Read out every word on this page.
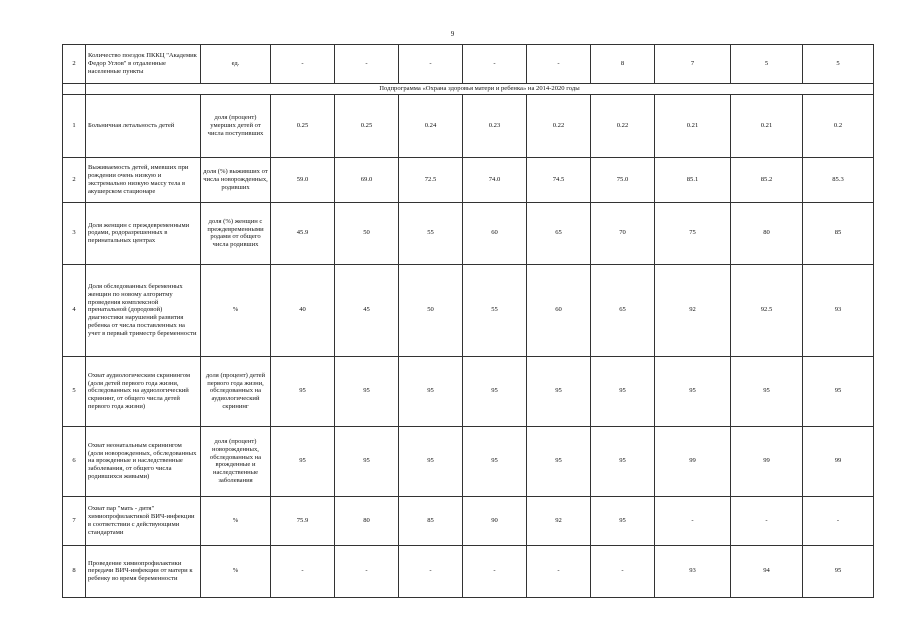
9
2	Количество поездок ПККЦ "Академик Федор Углов" в отдаленные населенные пункты	ед.	-	-	-	-	-	8	7	5	5
	Подпрограмма «Охрана здоровья матери и ребенка» на 2014-2020 годы										
1	Больничная летальность детей	доля (процент) умерших детей от числа поступивших	0.25	0.25	0.24	0.23	0.22	0.22	0.21	0.21	0.2
2	Выживаемость детей, имевших при рождении очень низкую и экстремально низкую массу тела в акушерском стационаре	доля (%) выживших от числа новорожденных, родивших	59.0	69.0	72.5	74.0	74.5	75.0	85.1	85.2	85.3
3	Доля женщин с преждевременными родами, родоразрешенных в перинатальных центрах	доля (%) женщин с преждевременными родами от общего числа родивших	45.9	50	55	60	65	70	75	80	85
4	Доля обследованных беременных женщин по новому алгоритму проведения комплексной пренатальной (дородовой) диагностики нарушений развития ребенка от числа поставленных на учет в первый триместр беременности	%	40	45	50	55	60	65	92	92.5	93
5	Охват аудиологическим скринингом (доля детей первого года жизни, обследованных на аудиологический скрининг, от общего числа детей первого года жизни)	доля (процент) детей первого года жизни, обследованных на аудиологический скрининг	95	95	95	95	95	95	95	95	95
6	Охват неонатальным скринингом (доля новорожденных, обследованных на врожденные и наследственные заболевания, от общего числа родившихся живыми)	доля (процент) новорожденных, обследованных на врожденные и наследственные заболевания	95	95	95	95	95	95	99	99	99
7	Охват пар "мать - дитя" химиопрофилактикой ВИЧ-инфекции в соответствии с действующими стандартами	%	75.9	80	85	90	92	95	-	-	-
8	Проведение химиопрофилактики передачи ВИЧ-инфекции от матери к ребенку во время беременности	%	-	-	-	-	-	-	93	94	95
